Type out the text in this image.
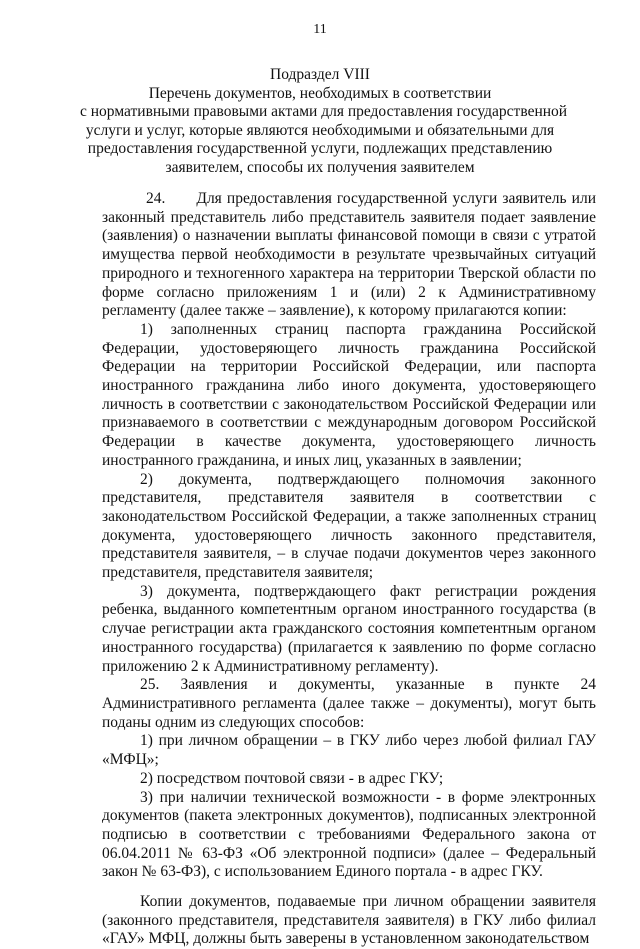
11
Подраздел VIII
Перечень документов, необходимых в соответствии
с нормативными правовыми актами для предоставления государственной
услуги и услуг, которые являются необходимыми и обязательными для
предоставления государственной услуги, подлежащих представлению
заявителем, способы их получения заявителем

24.  Для предоставления государственной услуги заявитель или законный представитель либо представитель заявителя подает заявление (заявления) о назначении выплаты финансовой помощи в связи с утратой имущества первой необходимости в результате чрезвычайных ситуаций природного и техногенного характера на территории Тверской области по форме согласно приложениям 1 и (или) 2 к Административному регламенту (далее также – заявление), к которому прилагаются копии:

1) заполненных страниц паспорта гражданина Российской Федерации, удостоверяющего личность гражданина Российской Федерации на территории Российской Федерации, или паспорта иностранного гражданина либо иного документа, удостоверяющего личность в соответствии с законодательством Российской Федерации или признаваемого в соответствии с международным договором Российской Федерации в качестве документа, удостоверяющего личность иностранного гражданина, и иных лиц, указанных в заявлении;

2) документа, подтверждающего полномочия законного представителя, представителя заявителя в соответствии с законодательством Российской Федерации, а также заполненных страниц документа, удостоверяющего личность законного представителя, представителя заявителя, – в случае подачи документов через законного представителя, представителя заявителя;

3) документа, подтверждающего факт регистрации рождения ребенка, выданного компетентным органом иностранного государства (в случае регистрации акта гражданского состояния компетентным органом иностранного государства) (прилагается к заявлению по форме согласно приложению 2 к Административному регламенту).

25. Заявления и документы, указанные в пункте 24 Административного регламента (далее также – документы), могут быть поданы одним из следующих способов:

1) при личном обращении – в ГКУ либо через любой филиал ГАУ «МФЦ»;

2) посредством почтовой связи - в адрес ГКУ;

3) при наличии технической возможности - в форме электронных документов (пакета электронных документов), подписанных электронной подписью в соответствии с требованиями Федерального закона от 06.04.2011 № 63-ФЗ «Об электронной подписи» (далее – Федеральный закон № 63-ФЗ), с использованием Единого портала - в адрес ГКУ.

Копии документов, подаваемые при личном обращении заявителя (законного представителя, представителя заявителя) в ГКУ либо филиал «ГАУ» МФЦ, должны быть заверены в установленном законодательством
